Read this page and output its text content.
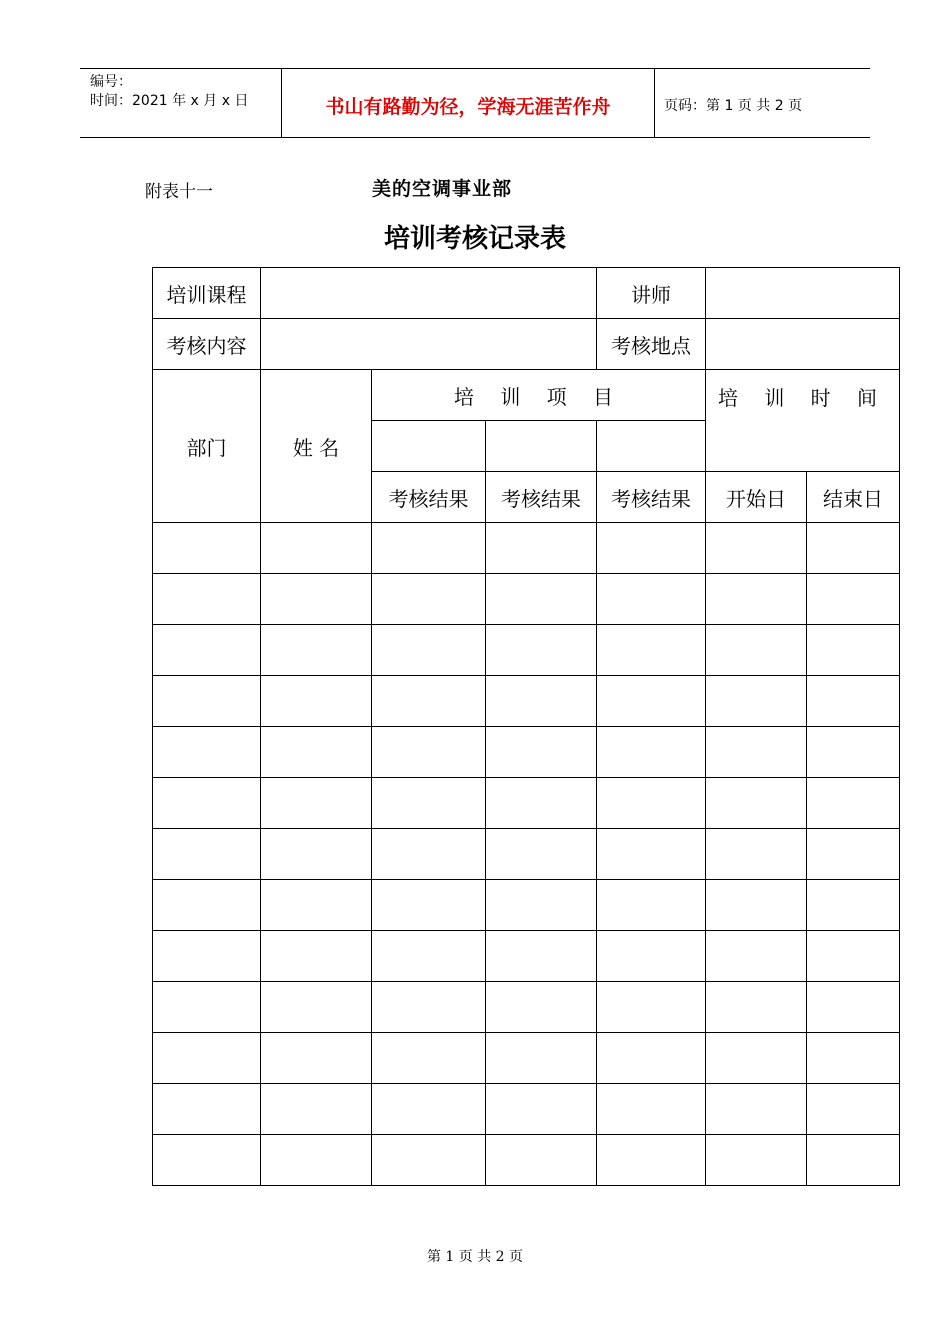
编号：
时间：2021 年 x 月 x 日	书山有路勤为径，学海无涯苦作舟	页码：第 1 页 共 2 页
附表十一	美的空调事业部
培训考核记录表
培训课程				讲师		
考核内容				考核地点		
部门	姓 名	培 训 项 目			培 训 时 间	

		考核结果	考核结果	考核结果	开始日	结束日

第 1 页 共 2 页
